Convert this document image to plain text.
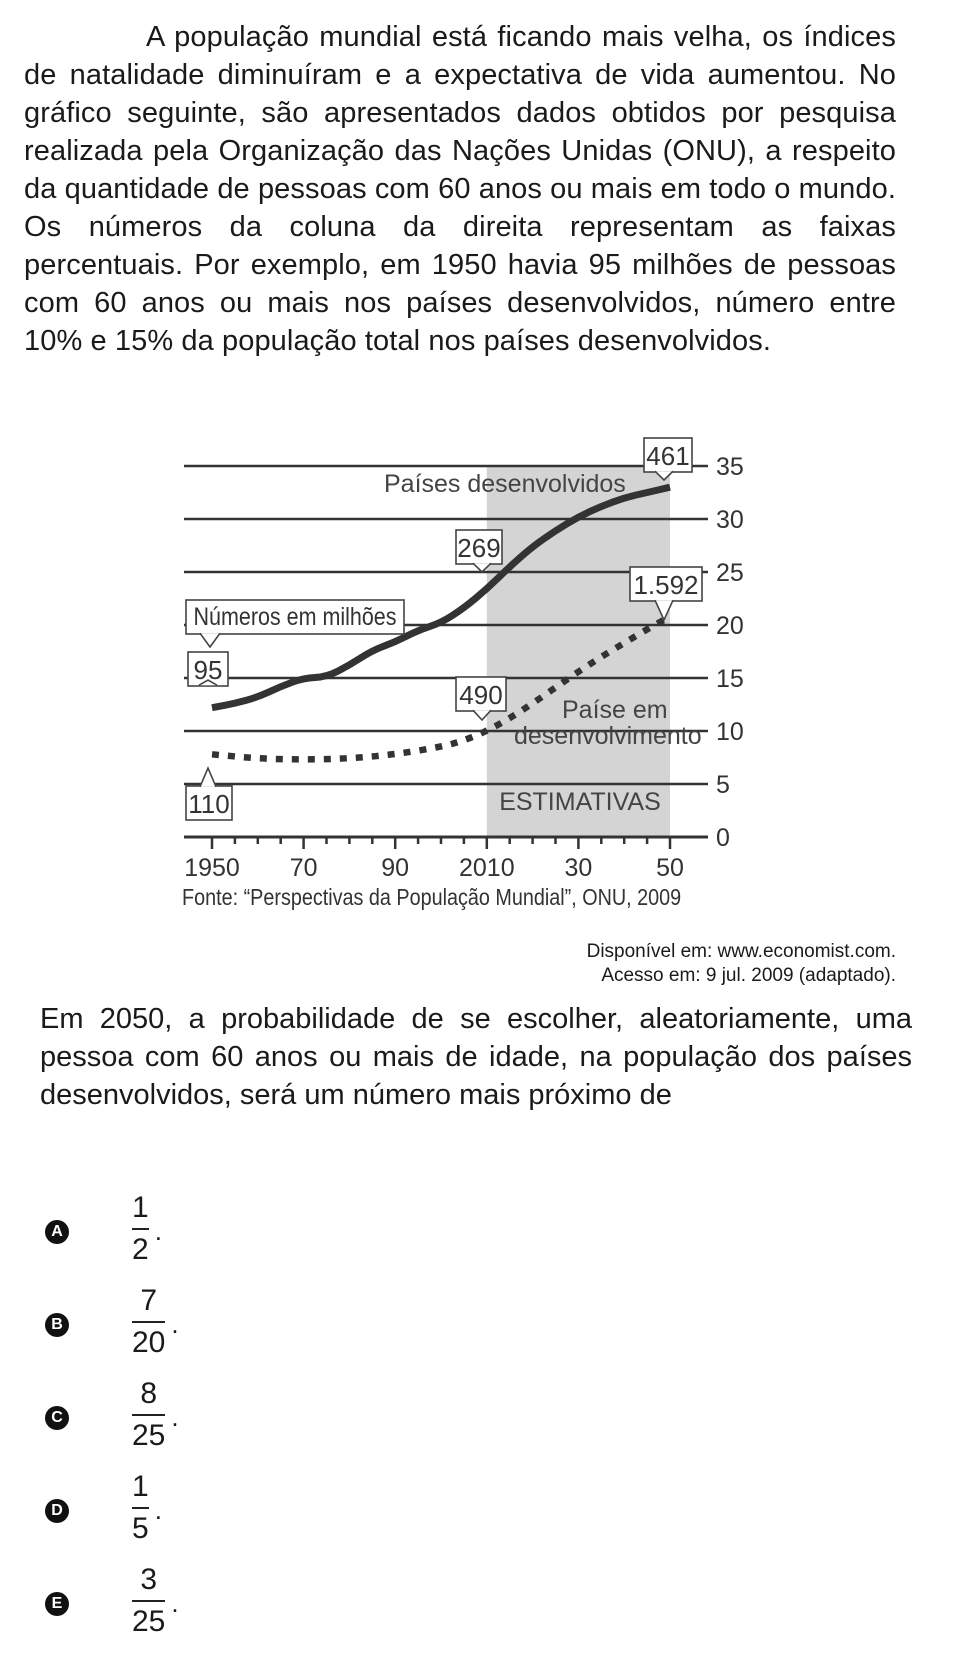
A população mundial está ficando mais velha, os índices de natalidade diminuíram e a expectativa de vida aumentou. No gráfico seguinte, são apresentados dados obtidos por pesquisa realizada pela Organização das Nações Unidas (ONU), a respeito da quantidade de pessoas com 60 anos ou mais em todo o mundo. Os números da coluna da direita representam as faixas percentuais. Por exemplo, em 1950 havia 95 milhões de pessoas com 60 anos ou mais nos países desenvolvidos, número entre 10% e 15% da população total nos países desenvolvidos.
0
5
10
15
20
25
30
35
1950 70	90 2010 30	50
95
269
461
110
490
1.592
Números em milhões
Países desenvolvidos
Paíse em
desenvolvimento
ESTIMATIVAS
Fonte: “Perspectivas da População Mundial”, ONU, 2009
Disponível em: www.economist.com.
Acesso em: 9 jul. 2009 (adaptado).
Em 2050, a probabilidade de se escolher, aleatoriamente, uma pessoa com 60 anos ou mais de idade, na população dos países desenvolvidos, será um número mais próximo de
A $\frac{1}{2}$ .
B $\frac{7}{20}$ .
C $\frac{8}{25}$ .
D $\frac{1}{5}$ .
E $\frac{3}{25}$ .
